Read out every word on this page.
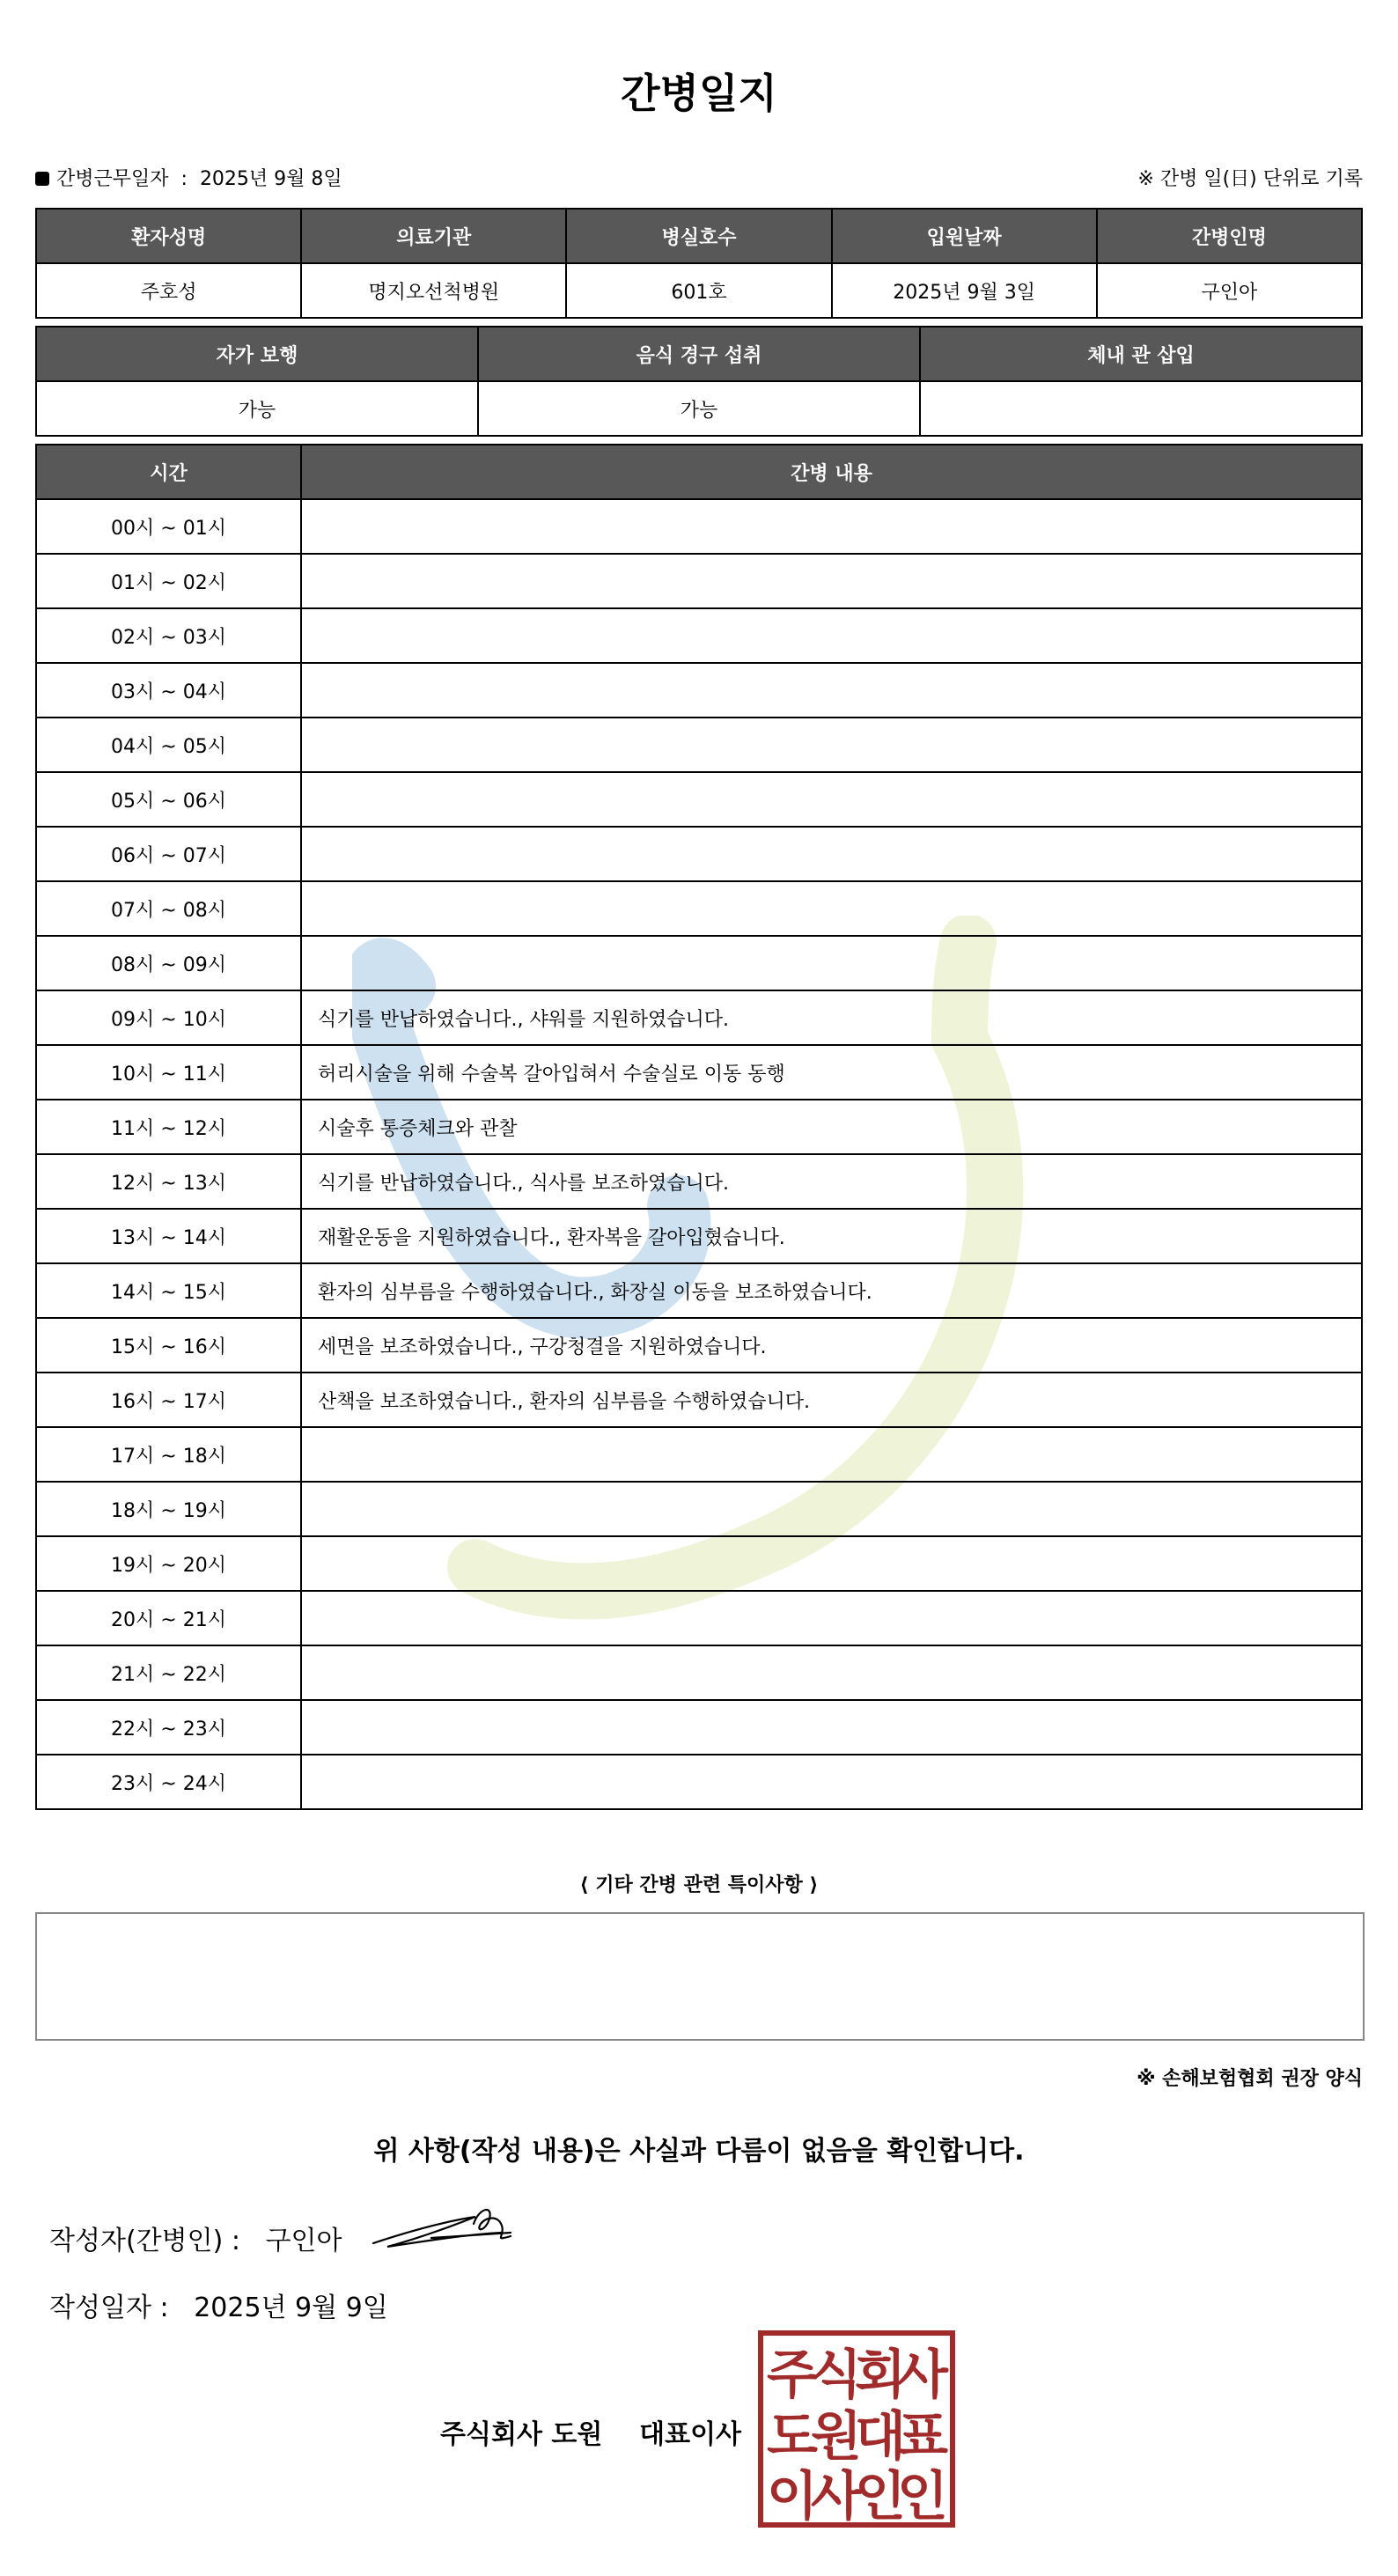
간병일지
간병근무일자 : 2025년 9월 8일	※ 간병 일(日) 단위로 기록
환자성명	의료기관	병실호수	입원날짜	간병인명
주호성	명지오선척병원	601호	2025년 9월 3일	구인아
자가 보행	음식 경구 섭취	체내 관 삽입
가능	가능	
시간	간병 내용
00시 ~ 01시	
01시 ~ 02시	
02시 ~ 03시	
03시 ~ 04시	
04시 ~ 05시	
05시 ~ 06시	
06시 ~ 07시	
07시 ~ 08시	
08시 ~ 09시	
09시 ~ 10시	식기를 반납하였습니다., 샤워를 지원하였습니다.
10시 ~ 11시	허리시술을 위해 수술복 갈아입혀서 수술실로 이동 동행
11시 ~ 12시	시술후 통증체크와 관찰
12시 ~ 13시	식기를 반납하였습니다., 식사를 보조하였습니다.
13시 ~ 14시	재활운동을 지원하였습니다., 환자복을 갈아입혔습니다.
14시 ~ 15시	환자의 심부름을 수행하였습니다., 화장실 이동을 보조하였습니다.
15시 ~ 16시	세면을 보조하였습니다., 구강청결을 지원하였습니다.
16시 ~ 17시	산책을 보조하였습니다., 환자의 심부름을 수행하였습니다.
17시 ~ 18시	
18시 ~ 19시	
19시 ~ 20시	
20시 ~ 21시	
21시 ~ 22시	
22시 ~ 23시	
23시 ~ 24시	
⟨ 기타 간병 관련 특이사항 ⟩
※ 손해보험협회 권장 양식
위 사항(작성 내용)은 사실과 다름이 없음을 확인합니다.
작성자(간병인) : 구인아
작성일자 : 2025년 9월 9일
주식회사 도원 대표이사
주
식
회
사
도
원
대
표
이
사
인
인
